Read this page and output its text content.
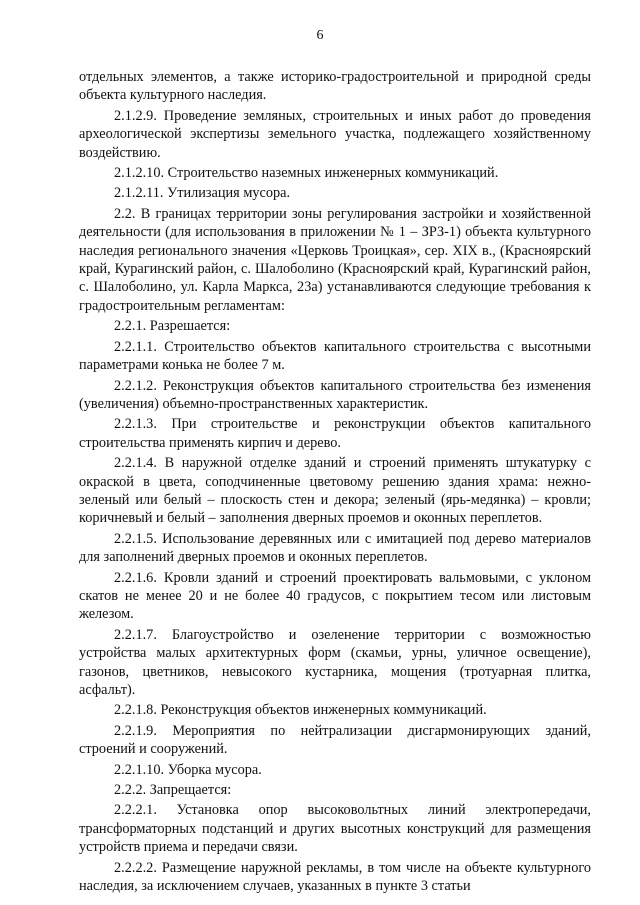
6

отдельных элементов, а также историко-градостроительной и природной среды объекта культурного наследия.

2.1.2.9. Проведение земляных, строительных и иных работ до проведения археологической экспертизы земельного участка, подлежащего хозяйственному воздействию.

2.1.2.10. Строительство наземных инженерных коммуникаций.

2.1.2.11. Утилизация мусора.

2.2. В границах территории зоны регулирования застройки и хозяйственной деятельности (для использования в приложении № 1 – ЗРЗ-1) объекта культурного наследия регионального значения «Церковь Троицкая», сер. XIX в., (Красноярский край, Курагинский район, с. Шалоболино (Красноярский край, Курагинский район, с. Шалоболино, ул. Карла Маркса, 23а) устанавливаются следующие требования к градостроительным регламентам:

2.2.1. Разрешается:

2.2.1.1. Строительство объектов капитального строительства с высотными параметрами конька не более 7 м.

2.2.1.2. Реконструкция объектов капитального строительства без изменения (увеличения) объемно-пространственных характеристик.

2.2.1.3. При строительстве и реконструкции объектов капитального строительства применять кирпич и дерево.

2.2.1.4. В наружной отделке зданий и строений применять штукатурку с окраской в цвета, соподчиненные цветовому решению здания храма: нежно-зеленый или белый – плоскость стен и декора; зеленый (ярь-медянка) – кровли; коричневый и белый – заполнения дверных проемов и оконных переплетов.

2.2.1.5. Использование деревянных или с имитацией под дерево материалов для заполнений дверных проемов и оконных переплетов.

2.2.1.6. Кровли зданий и строений проектировать вальмовыми, с уклоном скатов не менее 20 и не более 40 градусов, с покрытием тесом или листовым железом.

2.2.1.7. Благоустройство и озеленение территории с возможностью устройства малых архитектурных форм (скамьи, урны, уличное освещение), газонов, цветников, невысокого кустарника, мощения (тротуарная плитка, асфальт).

2.2.1.8. Реконструкция объектов инженерных коммуникаций.

2.2.1.9. Мероприятия по нейтрализации дисгармонирующих зданий, строений и сооружений.

2.2.1.10. Уборка мусора.

2.2.2. Запрещается:

2.2.2.1. Установка опор высоковольтных линий электропередачи, трансформаторных подстанций и других высотных конструкций для размещения устройств приема и передачи связи.

2.2.2.2. Размещение наружной рекламы, в том числе на объекте культурного наследия, за исключением случаев, указанных в пункте 3 статьи
